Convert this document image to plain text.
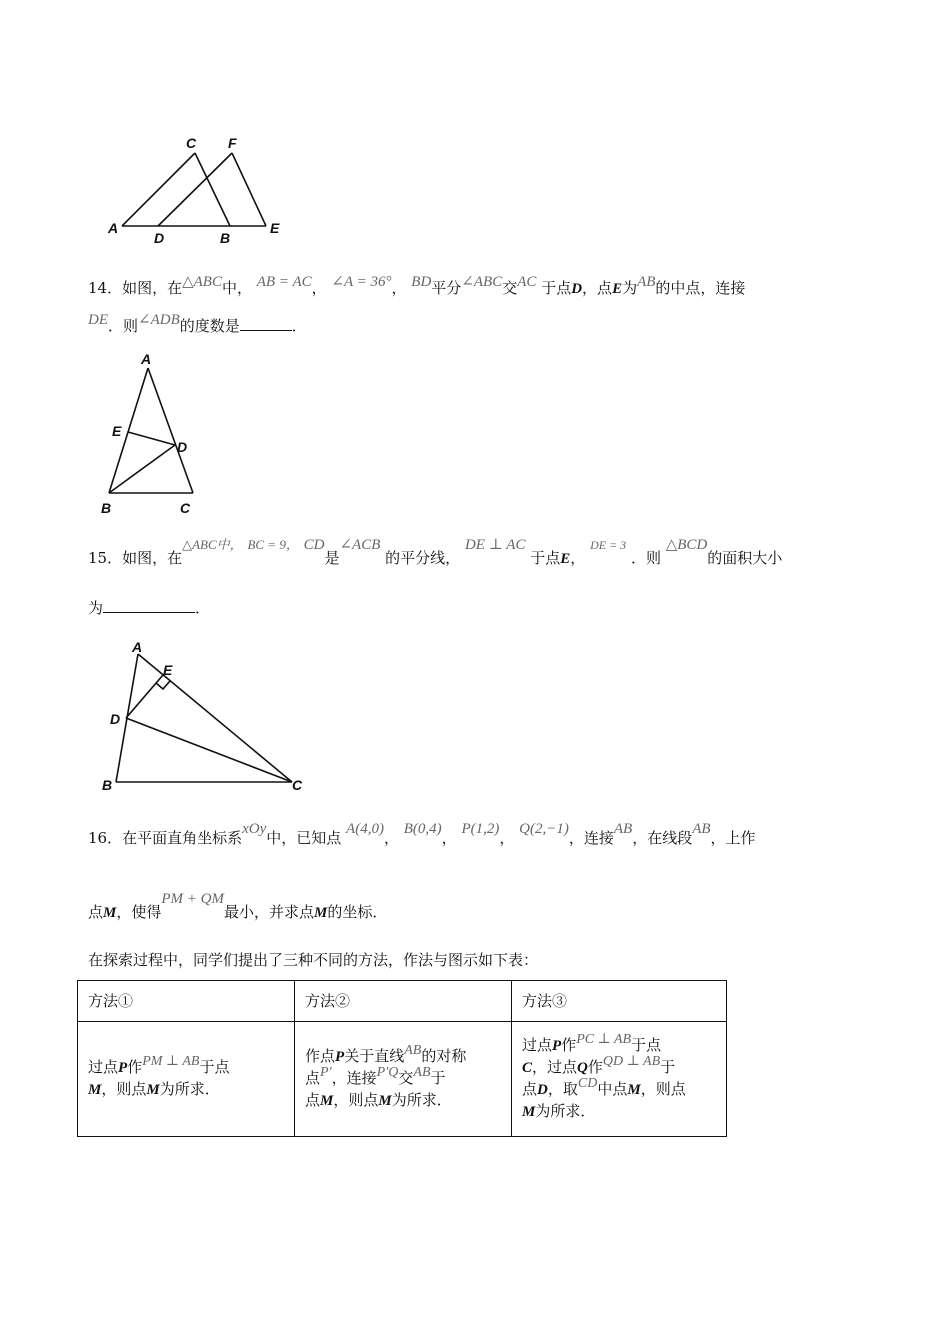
C F
A
D	B
E
14．如图，在△ABC中， AB = AC， ∠A = 36°， BD平分∠ABC交AC 于点D，点E为AB的中点，连接
DE．则∠ADB的度数是	．
A
E
D
B	C
15．如图，在△ABC中， BC = 9， CD是∠ACB 的平分线， DE ⊥ AC 于点E， $^{DE = 3}$ ．则 △BCD的面积大小
为	．
A
E
D
B	C
16．在平面直角坐标系xOy中，已知点 A(4,0)， B(0,4)， P(1,2)， Q(2,−1)，连接AB，在线段AB，上作
点M，使得PM + QM最小，并求点M的坐标．
在探索过程中，同学们提出了三种不同的方法，作法与图示如下表：
方法①	方法②	方法③
过点P作PM ⊥ AB于点
M，则点M为所求．	作点P关于直线AB的对称
点P′，连接P′Q交AB于
点M，则点M为所求．	过点P作PC ⊥ AB于点
C，过点Q作QD ⊥ AB于
点D，取CD中点M，则点
M为所求．
